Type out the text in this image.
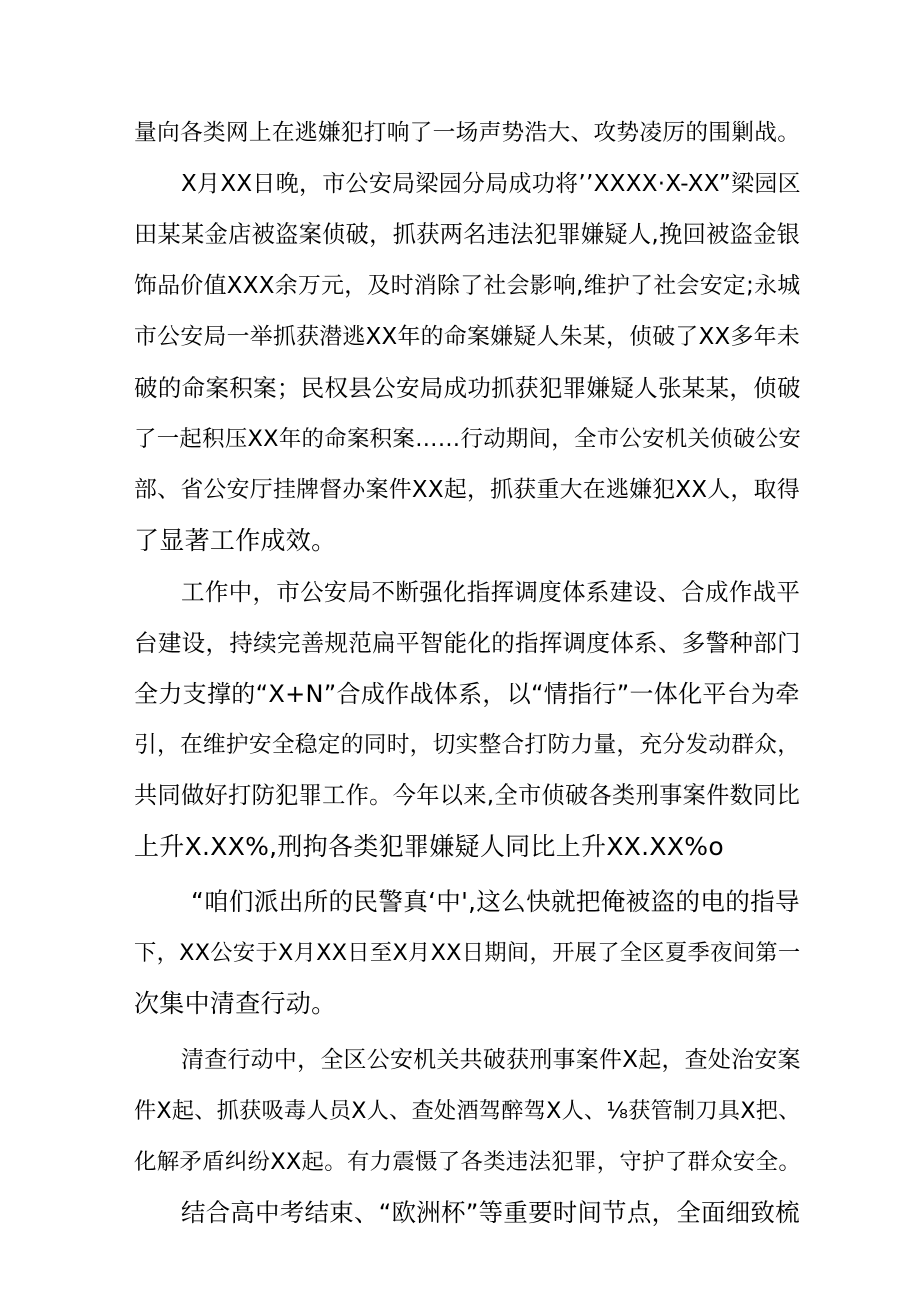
量向各类网上在逃嫌犯打响了一场声势浩大、攻势凌厉的围剿战。
X月XX日晚，市公安局梁园分局成功将’’XXXX·X-XX”梁园区
田某某金店被盗案侦破，抓获两名违法犯罪嫌疑人,挽回被盗金银
饰品价值XXX余万元，及时消除了社会影响,维护了社会安定;永城
市公安局一举抓获潜逃XX年的命案嫌疑人朱某，侦破了XX多年未
破的命案积案；民权县公安局成功抓获犯罪嫌疑人张某某，侦破
了一起积压XX年的命案积案……行动期间，全市公安机关侦破公安
部、省公安厅挂牌督办案件XX起，抓获重大在逃嫌犯XX人，取得
了显著工作成效。
工作中，市公安局不断强化指挥调度体系建设、合成作战平
台建设，持续完善规范扁平智能化的指挥调度体系、多警种部门
全力支撑的“X+N”合成作战体系，以“情指行”一体化平台为牵
引，在维护安全稳定的同时，切实整合打防力量，充分发动群众，
共同做好打防犯罪工作。今年以来,全市侦破各类刑事案件数同比
上升X.XX%,刑拘各类犯罪嫌疑人同比上升XX.XX%o
“咱们派出所的民警真‘中',这么快就把俺被盗的电的指导
下，XX公安于X月XX日至X月XX日期间，开展了全区夏季夜间第一
次集中清查行动。
清查行动中，全区公安机关共破获刑事案件X起，查处治安案
件X起、抓获吸毒人员X人、查处酒驾醉驾X人、⅛获管制刀具X把、
化解矛盾纠纷XX起。有力震慑了各类违法犯罪，守护了群众安全。
结合高中考结束、“欧洲杯”等重要时间节点，全面细致梳
